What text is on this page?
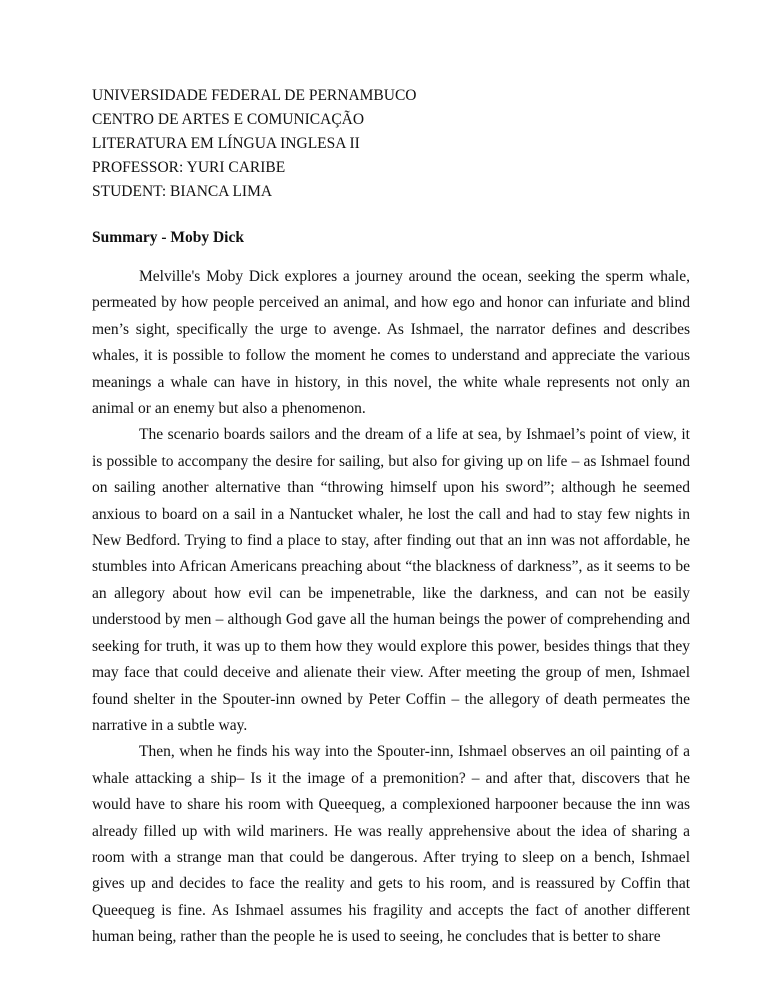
UNIVERSIDADE FEDERAL DE PERNAMBUCO

CENTRO DE ARTES E COMUNICAÇÃO

LITERATURA EM LÍNGUA INGLESA II

PROFESSOR: YURI CARIBE

STUDENT: BIANCA LIMA

Summary - Moby Dick

Melville's Moby Dick explores a journey around the ocean, seeking the sperm whale, permeated by how people perceived an animal, and how ego and honor can infuriate and blind men’s sight, specifically the urge to avenge. As Ishmael, the narrator defines and describes whales, it is possible to follow the moment he comes to understand and appreciate the various meanings a whale can have in history, in this novel, the white whale represents not only an animal or an enemy but also a phenomenon.

The scenario boards sailors and the dream of a life at sea, by Ishmael’s point of view, it is possible to accompany the desire for sailing, but also for giving up on life – as Ishmael found on sailing another alternative than “throwing himself upon his sword”; although he seemed anxious to board on a sail in a Nantucket whaler, he lost the call and had to stay few nights in New Bedford. Trying to find a place to stay, after finding out that an inn was not affordable, he stumbles into African Americans preaching about “the blackness of darkness”, as it seems to be an allegory about how evil can be impenetrable, like the darkness, and can not be easily understood by men – although God gave all the human beings the power of comprehending and seeking for truth, it was up to them how they would explore this power, besides things that they may face that could deceive and alienate their view. After meeting the group of men, Ishmael found shelter in the Spouter-inn owned by Peter Coffin – the allegory of death permeates the narrative in a subtle way.

Then, when he finds his way into the Spouter-inn, Ishmael observes an oil painting of a whale attacking a ship– Is it the image of a premonition? – and after that, discovers that he would have to share his room with Queequeg, a complexioned harpooner because the inn was already filled up with wild mariners. He was really apprehensive about the idea of sharing a room with a strange man that could be dangerous. After trying to sleep on a bench, Ishmael gives up and decides to face the reality and gets to his room, and is reassured by Coffin that Queequeg is fine. As Ishmael assumes his fragility and accepts the fact of another different human being, rather than the people he is used to seeing, he concludes that is better to share
